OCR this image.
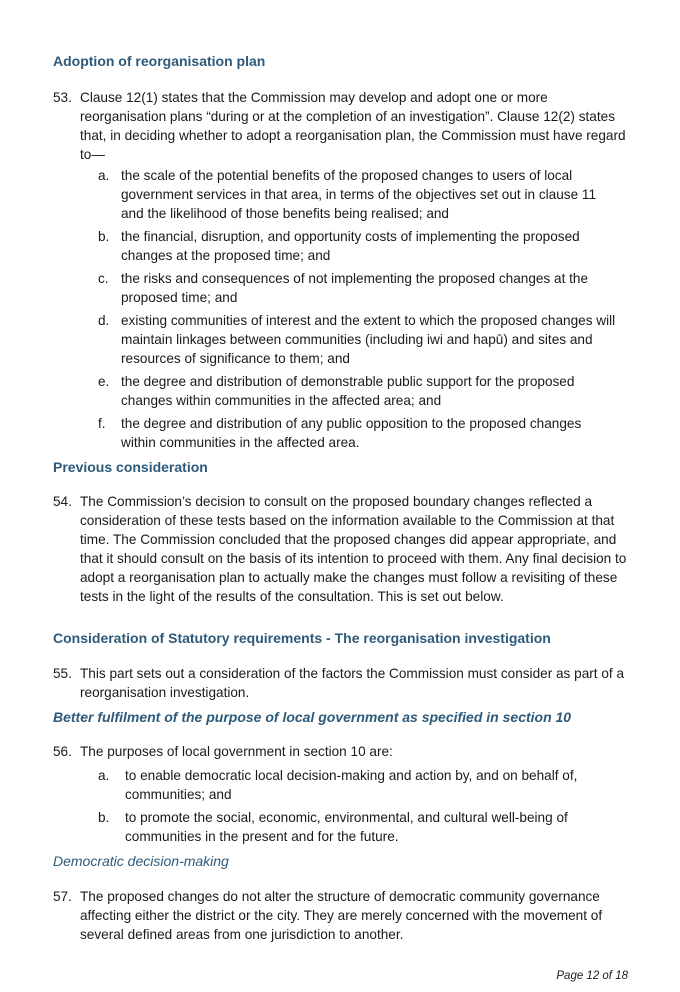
Adoption of reorganisation plan
53. Clause 12(1) states that the Commission may develop and adopt one or more reorganisation plans “during or at the completion of an investigation”. Clause 12(2) states that, in deciding whether to adopt a reorganisation plan, the Commission must have regard to—
a. the scale of the potential benefits of the proposed changes to users of local government services in that area, in terms of the objectives set out in clause 11 and the likelihood of those benefits being realised; and
b. the financial, disruption, and opportunity costs of implementing the proposed changes at the proposed time; and
c. the risks and consequences of not implementing the proposed changes at the proposed time; and
d. existing communities of interest and the extent to which the proposed changes will maintain linkages between communities (including iwi and hapū) and sites and resources of significance to them; and
e. the degree and distribution of demonstrable public support for the proposed changes within communities in the affected area; and
f. the degree and distribution of any public opposition to the proposed changes within communities in the affected area.
Previous consideration
54. The Commission’s decision to consult on the proposed boundary changes reflected a consideration of these tests based on the information available to the Commission at that time. The Commission concluded that the proposed changes did appear appropriate, and that it should consult on the basis of its intention to proceed with them. Any final decision to adopt a reorganisation plan to actually make the changes must follow a revisiting of these tests in the light of the results of the consultation. This is set out below.
Consideration of Statutory requirements - The reorganisation investigation
55. This part sets out a consideration of the factors the Commission must consider as part of a reorganisation investigation.
Better fulfilment of the purpose of local government as specified in section 10
56. The purposes of local government in section 10 are:
a. to enable democratic local decision-making and action by, and on behalf of, communities; and
b. to promote the social, economic, environmental, and cultural well-being of communities in the present and for the future.
Democratic decision-making
57. The proposed changes do not alter the structure of democratic community governance affecting either the district or the city. They are merely concerned with the movement of several defined areas from one jurisdiction to another.
Page 12 of 18
